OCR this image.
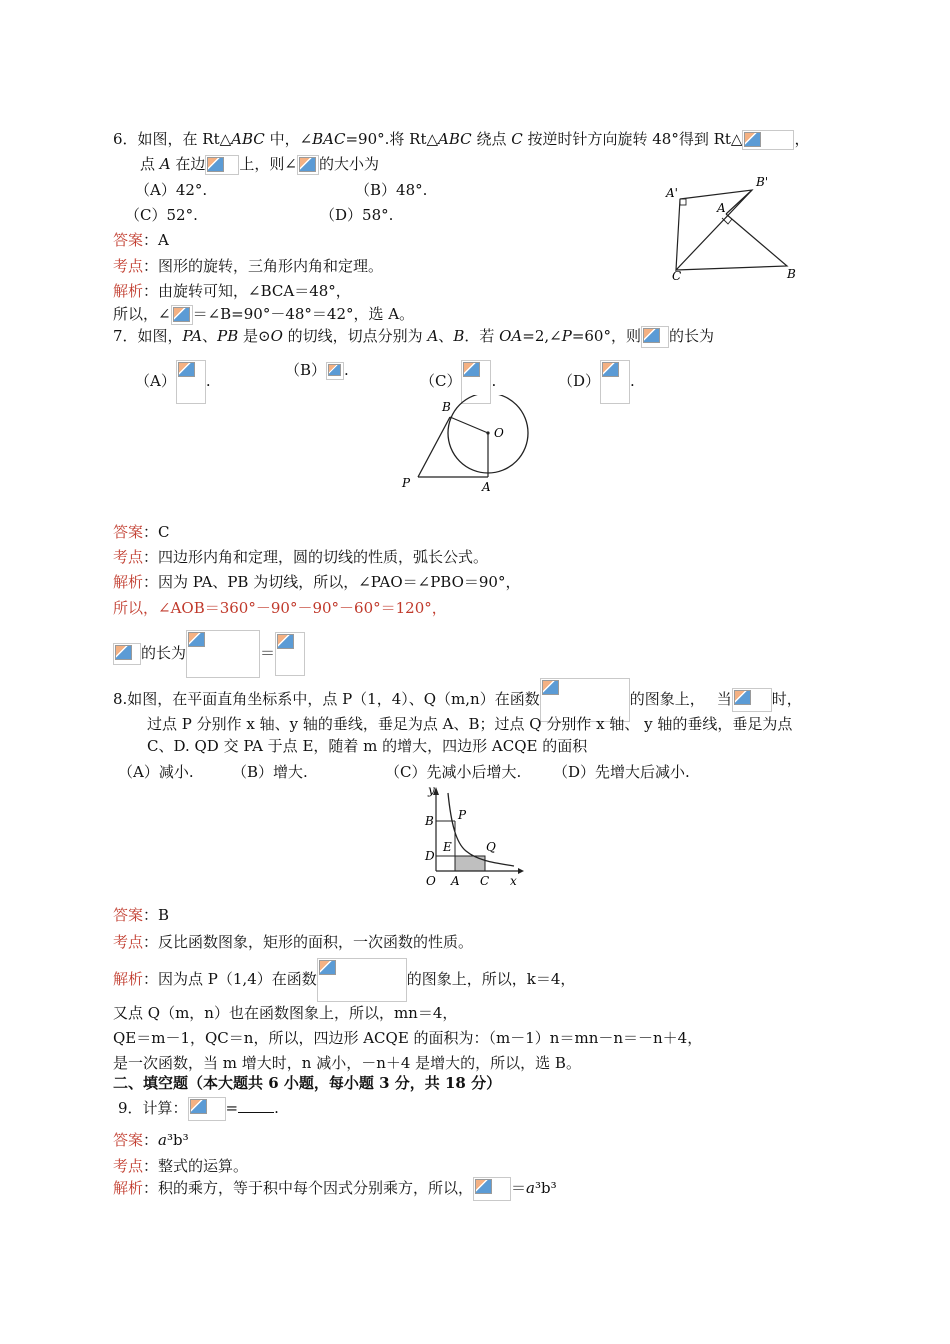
6．如图，在 Rt△ABC 中，∠BAC=90°.将 Rt△ABC 绕点 C 按逆时针方向旋转 48°得到 Rt△	，
点 A 在边 上，则∠ 的大小为
（A）42°.	（B）48°.
（C）52°.	（D）58°.
A'
B'
A
C	B
答案：A
考点：图形的旋转，三角形内角和定理。
解析：由旋转可知，∠BCA＝48°，
所以，∠ ＝∠B=90°－48°＝42°，选 A。
7．如图，PA、PB 是⊙O 的切线，切点分别为 A、B．若 OA=2,∠P=60°，则 的长为
（A） .
（B） .
（C） .	（D） .
B
O
P	A
答案：C
考点：四边形内角和定理，圆的切线的性质，弧长公式。
解析：因为 PA、PB 为切线，所以，∠PAO＝∠PBO＝90°，
所以，∠AOB＝360°－90°－90°－60°＝120°，
的长为	＝
8.如图，在平面直角坐标系中，点 P（1，4）、Q（m,n）在函数	的图象上， 当	时，
过点 P 分别作 x 轴、y 轴的垂线，垂足为点 A、B；过点 Q 分别作 x 轴、 y 轴的垂线，垂足为点
C、D. QD 交 PA 于点 E，随着 m 的增大，四边形 ACQE 的面积
（A）减小.	（B）增大.	（C）先减小后增大. （D）先增大后减小.
y
x
B P
E	Q
D
O A C
答案：B
考点：反比函数图象，矩形的面积，一次函数的性质。
解析：因为点 P（1,4）在函数	的图象上，所以，k＝4，
又点 Q（m，n）也在函数图象上，所以，mn＝4，
QE＝m－1，QC＝n，所以，四边形 ACQE 的面积为：（m－1）n＝mn－n＝－n＋4，
是一次函数，当 m 增大时，n 减小，－n＋4 是增大的，所以，选 B。
二、填空题（本大题共 6 小题，每小题 3 分，共 18 分）
9．计算：	= .
答案：a³b³
考点：整式的运算。
解析：积的乘方，等于积中每个因式分别乘方，所以，	＝a³b³
